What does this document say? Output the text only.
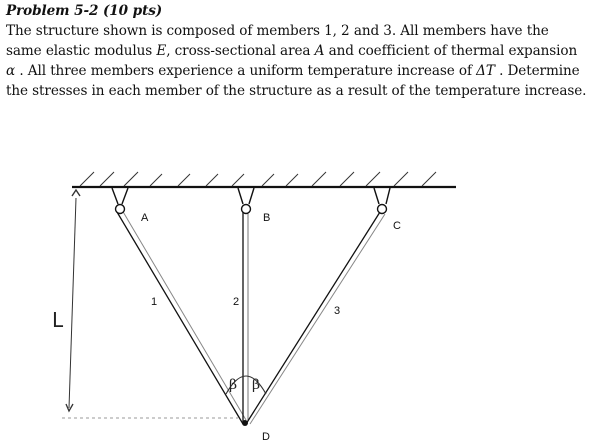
Problem 5-2 (10 pts)
The structure shown is composed of members 1, 2 and 3. All members have the
same elastic modulus E, cross-sectional area A and coefficient of thermal expansion
α . All three members experience a uniform temperature increase of ΔT . Determine
the stresses in each member of the structure as a result of the temperature increase.
A	B
C
D
1	2
3
L
β β
